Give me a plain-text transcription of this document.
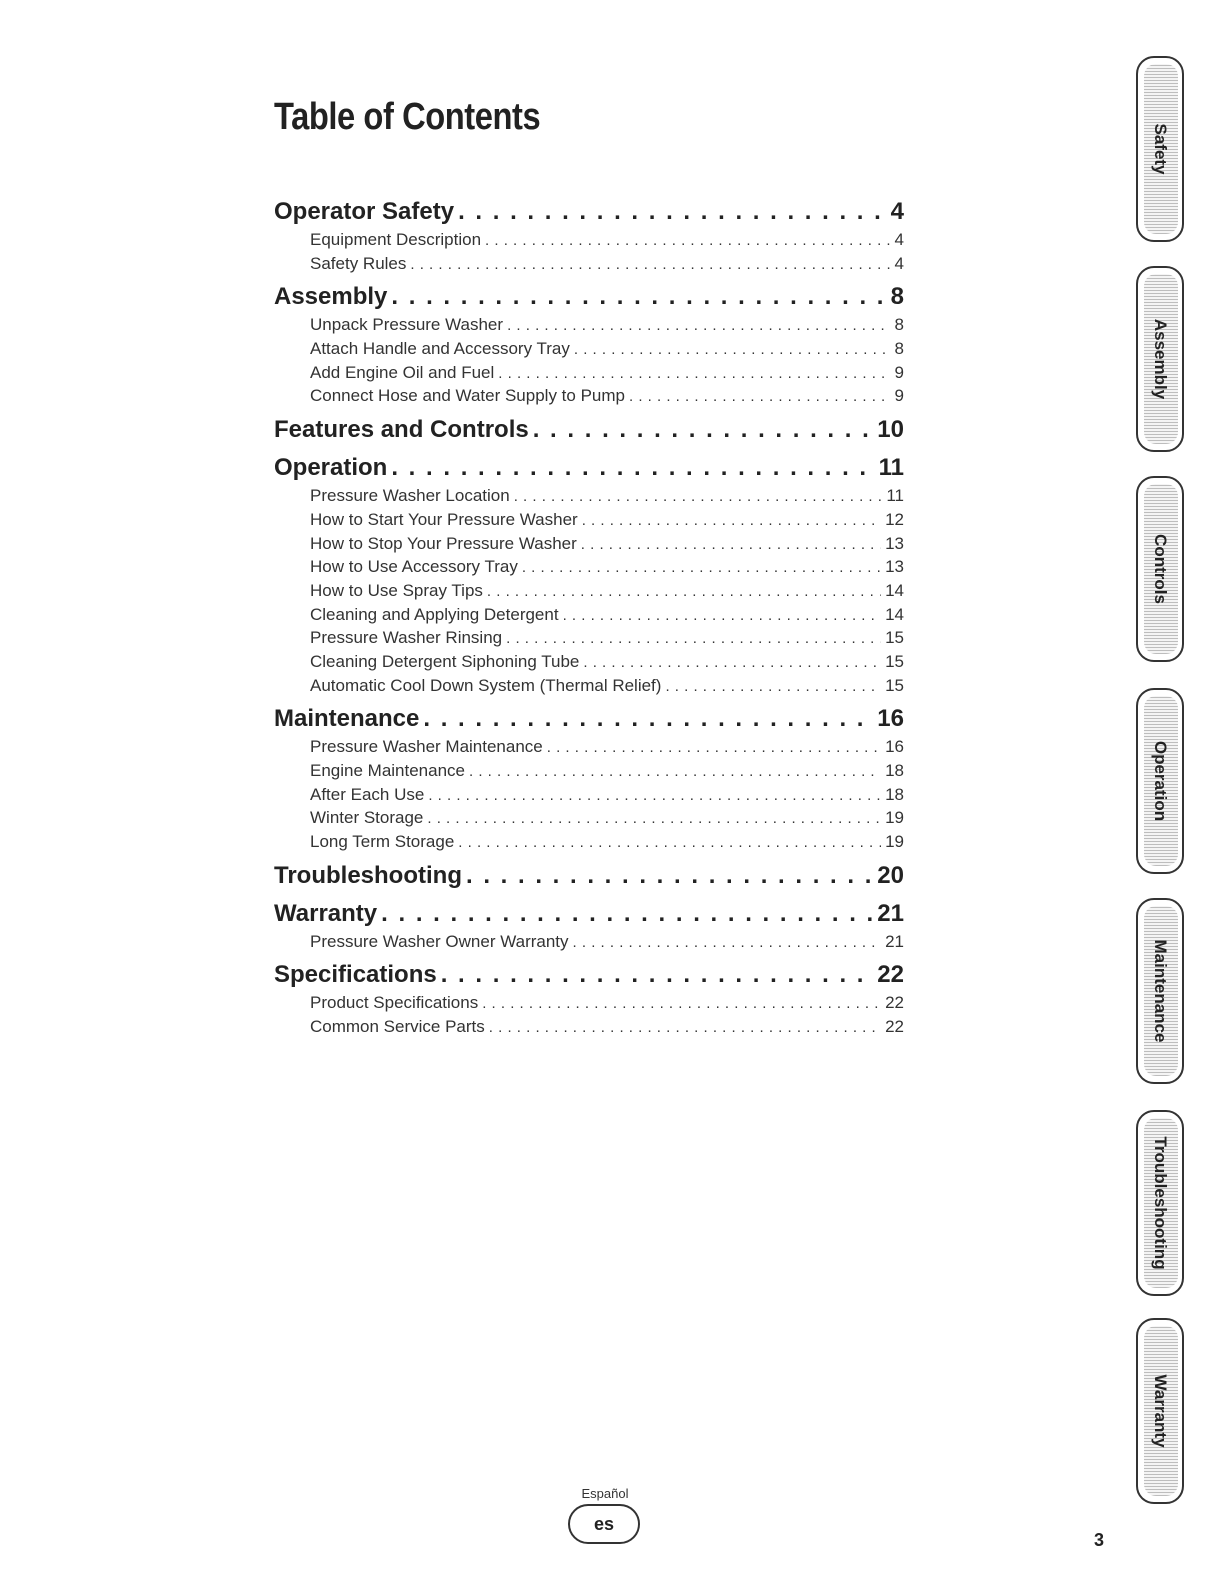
Table of Contents
Operator Safety . . .	4
Equipment Description . . .	4
Safety Rules . . .	4
Assembly . . .	8
Unpack Pressure Washer . . .	8
Attach Handle and Accessory Tray . . .	8
Add Engine Oil and Fuel . . .	9
Connect Hose and Water Supply to Pump . . .	9
Features and Controls . . .	10
Operation . . .	11
Pressure Washer Location . . .	11
How to Start Your Pressure Washer . . .	12
How to Stop Your Pressure Washer . . .	13
How to Use Accessory Tray . . .	13
How to Use Spray Tips . . .	14
Cleaning and Applying Detergent . . .	14
Pressure Washer Rinsing . . .	15
Cleaning Detergent Siphoning Tube . . .	15
Automatic Cool Down System (Thermal Relief) . . .	15
Maintenance . . .	16
Pressure Washer Maintenance . . .	16
Engine Maintenance . . .	18
After Each Use . . .	18
Winter Storage . . .	19
Long Term Storage . . .	19
Troubleshooting . . .	20
Warranty . . .	21
Pressure Washer Owner Warranty . . .	21
Specifications . . .	22
Product Specifications . . .	22
Common Service Parts . . .	22
Safety
Assembly
Controls
Operation
Maintenance
Troubleshooting
Warranty
Español
es
3
